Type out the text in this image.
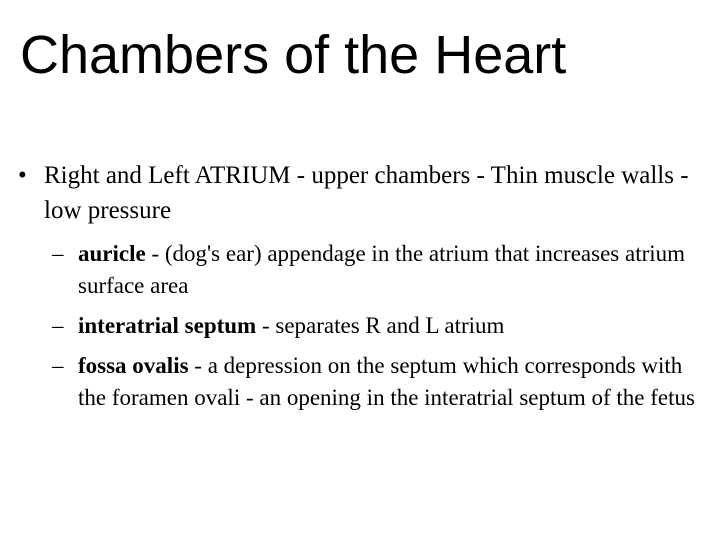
Chambers of the Heart
• Right and Left ATRIUM - upper chambers - Thin muscle walls - low pressure
– auricle - (dog's ear) appendage in the atrium that increases atrium surface area
– interatrial septum - separates R and L atrium
– fossa ovalis - a depression on the septum which corresponds with the foramen ovali - an opening in the interatrial septum of the fetus
